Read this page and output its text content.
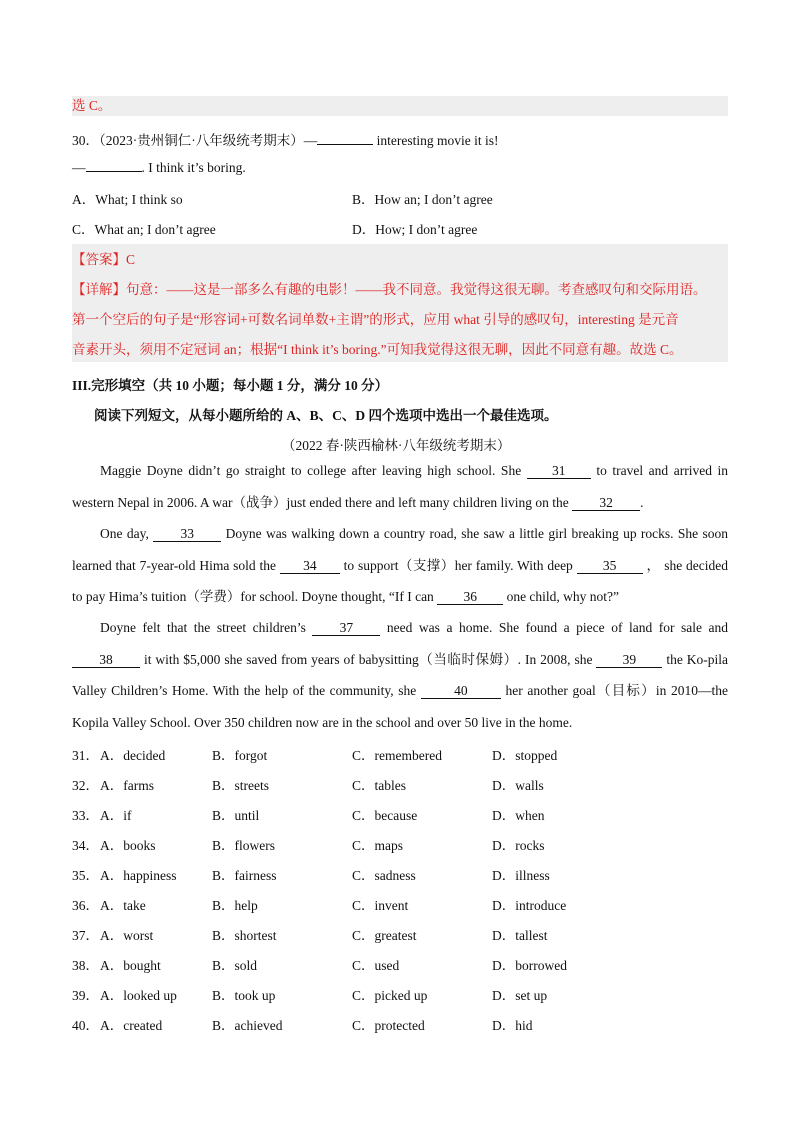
选 C。
30．（2023·贵州铜仁·八年级统考期末）—	interesting movie it is!
—	. I think it’s boring.
A．What; I think so	B．How an; I don’t agree
C．What an; I don’t agree	D．How; I don’t agree
【答案】C
【详解】句意：——这是一部多么有趣的电影！——我不同意。我觉得这很无聊。考查感叹句和交际用语。
第一个空后的句子是“形容词+可数名词单数+主谓”的形式，应用 what 引导的感叹句，interesting 是元音
音素开头，须用不定冠词 an；根据“I think it’s boring.”可知我觉得这很无聊，因此不同意有趣。故选 C。
III.完形填空（共 10 小题；每小题 1 分，满分 10 分）
阅读下列短文，从每小题所给的 A、B、C、D 四个选项中选出一个最佳选项。
（2022 春·陕西榆林·八年级统考期末）
Maggie Doyne didn’t go straight to college after leaving high school. She 31 to travel and arrived in western Nepal in 2006. A war（战争）just ended there and left many children living on the 32 .
One day, 33 Doyne was walking down a country road, she saw a little girl breaking up rocks. She soon learned that 7-year-old Hima sold the 34 to support（支撑）her family. With deep 35 ， she decided to pay Hima’s tuition（学费）for school. Doyne thought, “If I can 36 one child, why not?”
Doyne felt that the street children’s	37	need was a home. She found a piece of land for sale and 38 it with $5,000 she saved from years of babysitting（当临时保姆）. In 2008, she 39 the Ko-pila Valley Children’s Home. With the help of the community, she	40	her another goal（目标）in 2010—the Kopila Valley School. Over 350 children now are in the school and over 50 live in the home.
31． A．decided	B．forgot	C．remembered	D．stopped
32． A．farms	B．streets	C．tables	D．walls
33． A．if	B．until	C．because	D．when
34． A．books	B．flowers	C．maps	D．rocks
35． A．happiness	B．fairness	C．sadness	D．illness
36． A．take	B．help	C．invent	D．introduce
37． A．worst	B．shortest	C．greatest	D．tallest
38． A．bought	B．sold	C．used	D．borrowed
39． A．looked up	B．took up	C．picked up	D．set up
40． A．created	B．achieved	C．protected	D．hid
